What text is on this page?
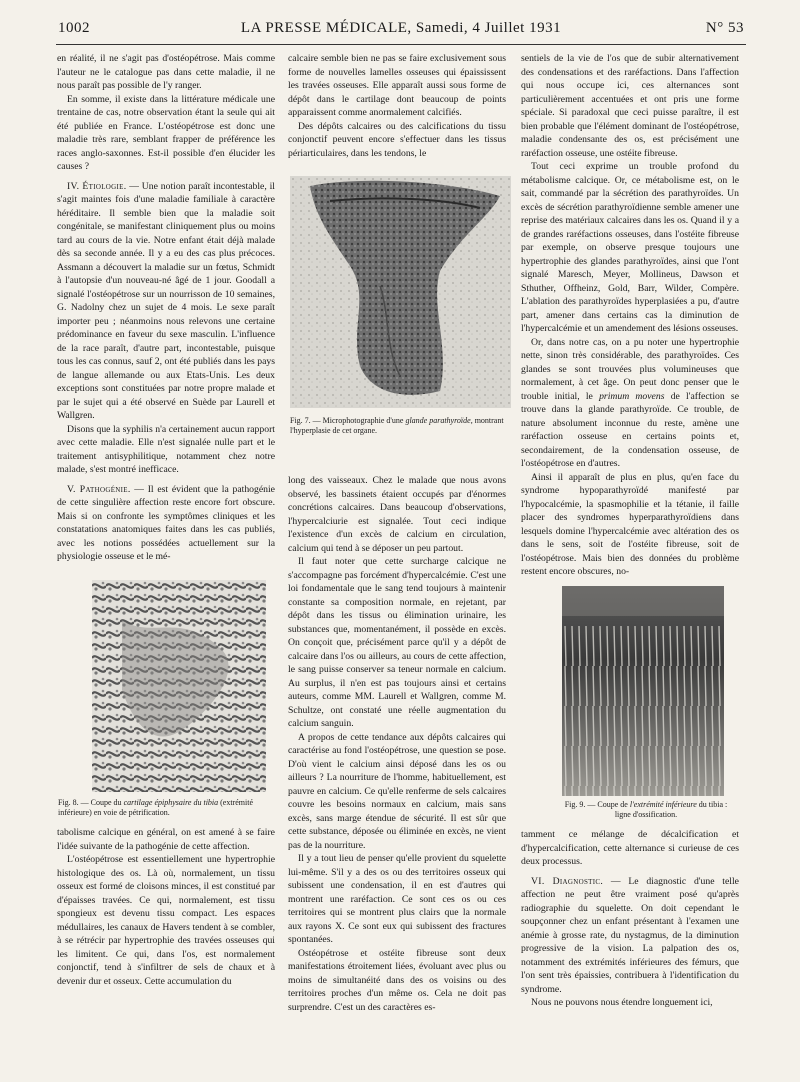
1002	LA PRESSE MÉDICALE, Samedi, 4 Juillet 1931	N° 53

en réalité, il ne s'agit pas d'ostéopétrose. Mais comme l'auteur ne le catalogue pas dans cette maladie, il ne nous paraît pas possible de l'y ranger.

En somme, il existe dans la littérature médicale une trentaine de cas, notre observation étant la seule qui ait été publiée en France. L'ostéopétrose est donc une maladie très rare, semblant frapper de préférence les races anglo-saxonnes. Est-il possible d'en élucider les causes ?

IV. Étiologie. — Une notion paraît incontestable, il s'agit maintes fois d'une maladie familiale à caractère héréditaire. Il semble bien que la maladie soit congénitale, se manifestant cliniquement plus ou moins tard au cours de la vie. Notre enfant était déjà malade dès sa seconde année. Il y a eu des cas plus précoces. Assmann a découvert la maladie sur un fœtus, Schmidt à l'autopsie d'un nouveau-né âgé de 1 jour. Goodall a signalé l'ostéopétrose sur un nourrisson de 10 semaines, G. Nadolny chez un sujet de 4 mois. Le sexe paraît importer peu ; néanmoins nous relevons une certaine prédominance en faveur du sexe masculin. L'influence de la race paraît, d'autre part, incontestable, puisque tous les cas connus, sauf 2, ont été publiés dans les pays de langue allemande ou aux Etats-Unis. Les deux exceptions sont constituées par notre propre malade et par le sujet qui a été observé en Suède par Laurell et Wallgren.

Disons que la syphilis n'a certainement aucun rapport avec cette maladie. Elle n'est signalée nulle part et le traitement antisyphilitique, notamment chez notre malade, s'est montré inefficace.

V. Pathogénie. — Il est évident que la pathogénie de cette singulière affection reste encore fort obscure. Mais si on confronte les symptômes cliniques et les constatations anatomiques faites dans les cas publiés, avec les notions possédées actuellement sur la physiologie osseuse et le mé-

tabolisme calcique en général, on est amené à se faire l'idée suivante de la pathogénie de cette affection.

L'ostéopétrose est essentiellement une hypertrophie histologique des os. Là où, normalement, un tissu osseux est formé de cloisons minces, il est constitué par d'épaisses travées. Ce qui, normalement, est tissu spongieux est devenu tissu compact. Les espaces médullaires, les canaux de Havers tendent à se combler, à se rétrécir par hypertrophie des travées osseuses qui les limitent. Ce qui, dans l'os, est normalement conjonctif, tend à s'infiltrer de sels de chaux et à devenir dur et osseux. Cette accumulation du

calcaire semble bien ne pas se faire exclusivement sous forme de nouvelles lamelles osseuses qui épaississent les travées osseuses. Elle apparaît aussi sous forme de dépôt dans le cartilage dont beaucoup de points apparaissent comme anormalement calcifiés.

Des dépôts calcaires ou des calcifications du tissu conjonctif peuvent encore s'effectuer dans les tissus périarticulaires, dans les tendons, le

long des vaisseaux. Chez le malade que nous avons observé, les bassinets étaient occupés par d'énormes concrétions calcaires. Dans beaucoup d'observations, l'hypercalciurie est signalée. Tout ceci indique l'existence d'un excès de calcium en circulation, calcium qui tend à se déposer un peu partout.

Il faut noter que cette surcharge calcique ne s'accompagne pas forcément d'hypercalcémie. C'est une loi fondamentale que le sang tend toujours à maintenir constante sa composition normale, en rejetant, par dépôt dans les tissus ou élimination urinaire, les substances que, momentanément, il possède en excès. On conçoit que, précisément parce qu'il y a dépôt de calcaire dans l'os ou ailleurs, au cours de cette affection, le sang puisse conserver sa teneur normale en calcium. Au surplus, il n'en est pas toujours ainsi et certains auteurs, comme MM. Laurell et Wallgren, comme M. Schultze, ont constaté une réelle augmentation du calcium sanguin.

A propos de cette tendance aux dépôts calcaires qui caractérise au fond l'ostéopétrose, une question se pose. D'où vient le calcium ainsi déposé dans les os ou ailleurs ? La nourriture de l'homme, habituellement, est pauvre en calcium. Ce qu'elle renferme de sels calcaires couvre les besoins normaux en calcium, mais sans excès, sans marge étendue de sécurité. Il est sûr que cette substance, déposée ou éliminée en excès, ne vient pas de la nourriture.

Il y a tout lieu de penser qu'elle provient du squelette lui-même. S'il y a des os ou des territoires osseux qui subissent une condensation, il en est d'autres qui montrent une raréfaction. Ce sont ces os ou ces territoires qui se montrent plus clairs que la normale aux rayons X. Ce sont eux qui subissent des fractures spontanées.

Ostéopétrose et ostéite fibreuse sont deux manifestations étroitement liées, évoluant avec plus ou moins de simultanéité dans des os voisins ou des territoires proches d'un même os. Cela ne doit pas surprendre. C'est un des caractères es-

sentiels de la vie de l'os que de subir alternativement des condensations et des raréfactions. Dans l'affection qui nous occupe ici, ces alternances sont particulièrement accentuées et ont pris une forme spéciale. Si paradoxal que ceci puisse paraître, il est bien probable que l'élément dominant de l'ostéopétrose, maladie condensante des os, est précisément une raréfaction osseuse, une ostéite fibreuse.

Tout ceci exprime un trouble profond du métabolisme calcique. Or, ce métabolisme est, on le sait, commandé par la sécrétion des parathyroïdes. Un excès de sécrétion parathyroïdienne semble amener une reprise des matériaux calcaires dans les os. Quand il y a de grandes raréfactions osseuses, dans l'ostéite fibreuse par exemple, on observe presque toujours une hypertrophie des glandes parathyroïdes, ainsi que l'ont signalé Maresch, Meyer, Mollineus, Dawson et Sthuther, Offheinz, Gold, Barr, Wilder, Compère. L'ablation des parathyroïdes hyperplasiées a pu, d'autre part, amener dans certains cas la diminution de l'hypercalcémie et un amendement des lésions osseuses.

Or, dans notre cas, on a pu noter une hypertrophie nette, sinon très considérable, des parathyroïdes. Ces glandes se sont trouvées plus volumineuses que normalement, à cet âge. On peut donc penser que le trouble initial, le primum movens de l'affection se trouve dans la glande parathyroïde. Ce trouble, de nature absolument inconnue du reste, amène une raréfaction osseuse en certains points et, secondairement, de la condensation osseuse, de l'ostéopétrose en d'autres.

Ainsi il apparaît de plus en plus, qu'en face du syndrome hypoparathyroïdé manifesté par l'hypocalcémie, la spasmophilie et la tétanie, il faille placer des syndromes hyperparathyroïdiens dans lesquels domine l'hypercalcémie avec altération des os dans le sens, soit de l'ostéite fibreuse, soit de l'ostéopétrose. Mais bien des données du problème restent encore obscures, no-

tamment ce mélange de décalcification et d'hypercalcification, cette alternance si curieuse de ces deux processus.

VI. Diagnostic. — Le diagnostic d'une telle affection ne peut être vraiment posé qu'après radiographie du squelette. On doit cependant le soupçonner chez un enfant présentant à l'examen une anémie à grosse rate, du nystagmus, de la diminution progressive de la vision. La palpation des os, notamment des extrémités inférieures des fémurs, que l'on sent très épaissies, contribuera à l'identification du syndrome.

Nous ne pouvons nous étendre longuement ici,

Fig. 7. — Microphotographie d'une glande parathyroïde, montrant l'hyperplasie de cet organe.
Fig. 8. — Coupe du cartilage épiphysaire du tibia (extrémité inférieure) en voie de pétrification.
Fig. 9. — Coupe de l'extrémité inférieure du tibia : ligne d'ossification.
